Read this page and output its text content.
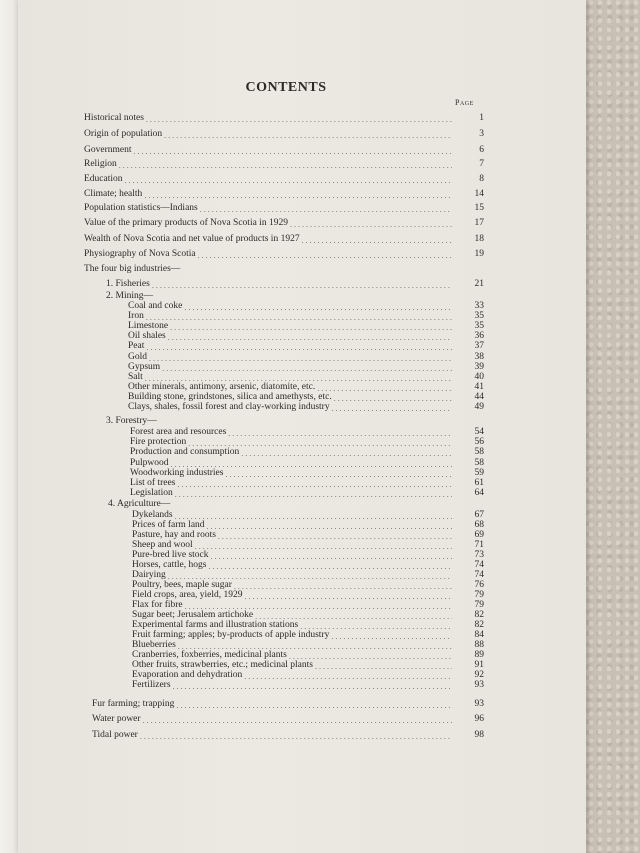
CONTENTS
Page
Historical notes . . .	1
Origin of population . . .	3
Government . . .	6
Religion . . .	7
Education . . .	8
Climate; health . . .	14
Population statistics—Indians . . .	15
Value of the primary products of Nova Scotia in 1929 . . .	17
Wealth of Nova Scotia and net value of products in 1927 . . .	18
Physiography of Nova Scotia . . .	19
The four big industries—
1. Fisheries . . .	21
2. Mining—
Coal and coke . . .	33
Iron . . .	35
Limestone . . .	35
Oil shales . . .	36
Peat . . .	37
Gold . . .	38
Gypsum . . .	39
Salt . . .	40
Other minerals, antimony, arsenic, diatomite, etc. . . .	41
Building stone, grindstones, silica and amethysts, etc. . . .	44
Clays, shales, fossil forest and clay-working industry . . .	49
3. Forestry—
Forest area and resources . . .	54
Fire protection . . .	56
Production and consumption . . .	58
Pulpwood . . .	58
Woodworking industries . . .	59
List of trees . . .	61
Legislation . . .	64
4. Agriculture—
Dykelands . . .	67
Prices of farm land . . .	68
Pasture, hay and roots . . .	69
Sheep and wool . . .	71
Pure-bred live stock . . .	73
Horses, cattle, hogs . . .	74
Dairying . . .	74
Poultry, bees, maple sugar . . .	76
Field crops, area, yield, 1929 . . .	79
Flax for fibre . . .	79
Sugar beet; Jerusalem artichoke . . .	82
Experimental farms and illustration stations . . .	82
Fruit farming; apples; by-products of apple industry . . .	84
Blueberries . . .	88
Cranberries, foxberries, medicinal plants . . .	89
Other fruits, strawberries, etc.; medicinal plants . . .	91
Evaporation and dehydration . . .	92
Fertilizers . . .	93
Fur farming; trapping . . .	93
Water power . . .	96
Tidal power . . .	98
